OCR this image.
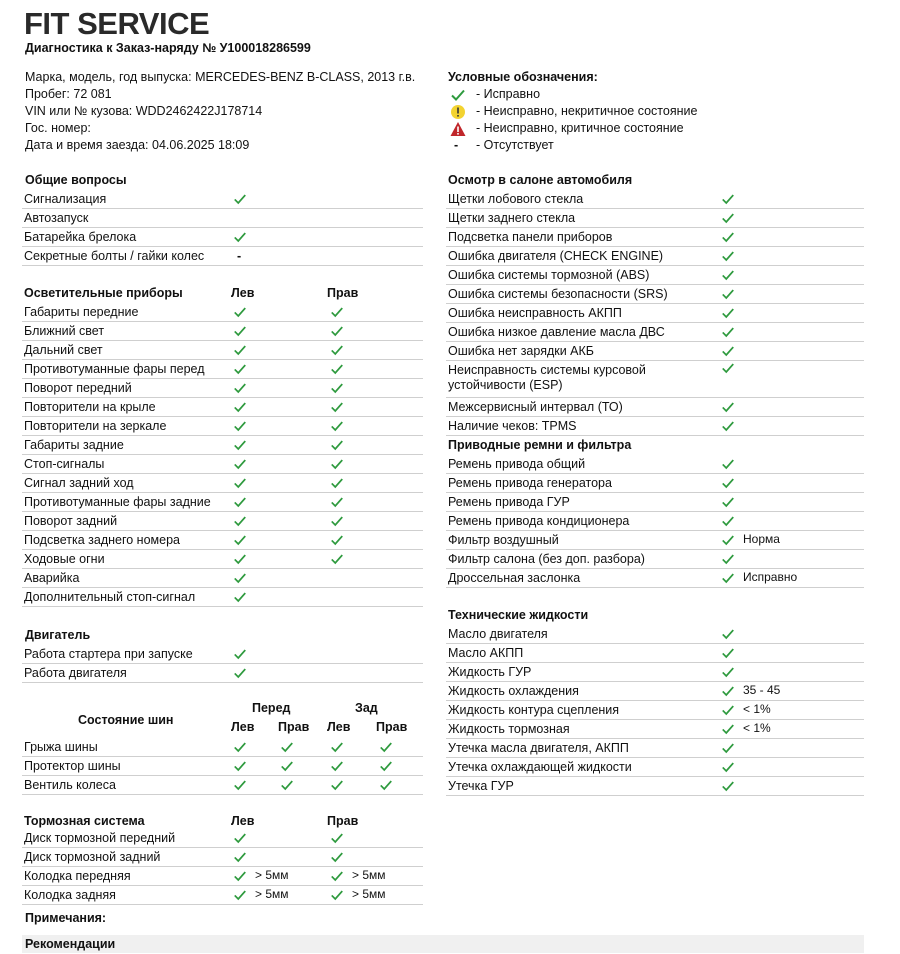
FIT SERVICE
Диагностика к Заказ-наряду № У100018286599
Марка, модель, год выпуска: MERCEDES-BENZ B-CLASS, 2013 г.в.
Пробег: 72 081
VIN или № кузова: WDD2462422J178714
Гос. номер:
Дата и время заезда: 04.06.2025 18:09
Условные обозначения:
- Исправно
- Неисправно, некритичное состояние
- Неисправно, критичное состояние
-	- Отсутствует
Общие вопросы
Сигнализация
Автозапуск
Батарейка брелока
Секретные болты / гайки колес	-
Осветительные приборы	Лев	Прав
Габариты передние
Ближний свет
Дальний свет
Противотуманные фары перед
Поворот передний
Повторители на крыле
Повторители на зеркале
Габариты задние
Стоп-сигналы
Сигнал задний ход
Противотуманные фары задние
Поворот задний
Подсветка заднего номера
Ходовые огни
Аварийка
Дополнительный стоп-сигнал
Двигатель
Работа стартера при запуске
Работа двигателя
Состояние шин
Перед	Зад
Лев Прав Лев Прав
Грыжа шины
Протектор шины
Вентиль колеса
Тормозная система	Лев	Прав
Диск тормозной передний
Диск тормозной задний
Колодка передняя	> 5мм	> 5мм
Колодка задняя	> 5мм	> 5мм
Осмотр в салоне автомобиля
Щетки лобового стекла
Щетки заднего стекла
Подсветка панели приборов
Ошибка двигателя (CHECK ENGINE)
Ошибка системы тормозной (ABS)
Ошибка системы безопасности (SRS)
Ошибка неисправность АКПП
Ошибка низкое давление масла ДВС
Ошибка нет зарядки АКБ
Неисправность системы курсовой устойчивости (ESP)
Межсервисный интервал (ТО)
Наличие чеков: TPMS
Приводные ремни и фильтра
Ремень привода общий
Ремень привода генератора
Ремень привода ГУР
Ремень привода кондиционера
Фильтр воздушный	Норма
Фильтр салона (без доп. разбора)
Дроссельная заслонка	Исправно
Технические жидкости
Масло двигателя
Масло АКПП
Жидкость ГУР
Жидкость охлаждения	35 - 45
Жидкость контура сцепления	< 1%
Жидкость тормозная	< 1%
Утечка масла двигателя, АКПП
Утечка охлаждающей жидкости
Утечка ГУР
Примечания:
Рекомендации
